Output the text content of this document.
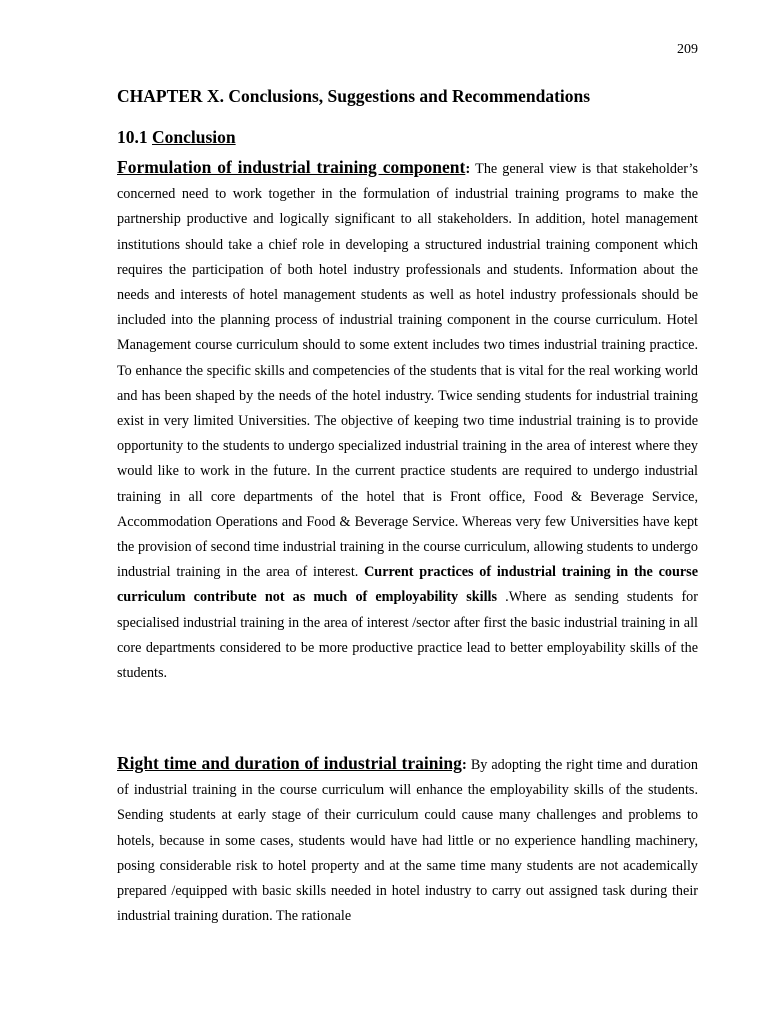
209
CHAPTER X. Conclusions, Suggestions and Recommendations
10.1 Conclusion

Formulation of industrial training component: The general view is that stakeholder’s concerned need to work together in the formulation of industrial training programs to make the partnership productive and logically significant to all stakeholders. In addition, hotel management institutions should take a chief role in developing a structured industrial training component which requires the participation of both hotel industry professionals and students. Information about the needs and interests of hotel management students as well as hotel industry professionals should be included into the planning process of industrial training component in the course curriculum. Hotel Management course curriculum should to some extent includes two times industrial training practice. To enhance the specific skills and competencies of the students that is vital for the real working world and has been shaped by the needs of the hotel industry. Twice sending students for industrial training exist in very limited Universities. The objective of keeping two time industrial training is to provide opportunity to the students to undergo specialized industrial training in the area of interest where they would like to work in the future. In the current practice students are required to undergo industrial training in all core departments of the hotel that is Front office, Food & Beverage Service, Accommodation Operations and Food & Beverage Service. Whereas very few Universities have kept the provision of second time industrial training in the course curriculum, allowing students to undergo industrial training in the area of interest. Current practices of industrial training in the course curriculum contribute not as much of employability skills .Where as sending students for specialised industrial training in the area of interest /sector after first the basic industrial training in all core departments considered to be more productive practice lead to better employability skills of the students.

Right time and duration of industrial training: By adopting the right time and duration of industrial training in the course curriculum will enhance the employability skills of the students. Sending students at early stage of their curriculum could cause many challenges and problems to hotels, because in some cases, students would have had little or no experience handling machinery, posing considerable risk to hotel property and at the same time many students are not academically prepared /equipped with basic skills needed in hotel industry to carry out assigned task during their industrial training duration. The rationale
